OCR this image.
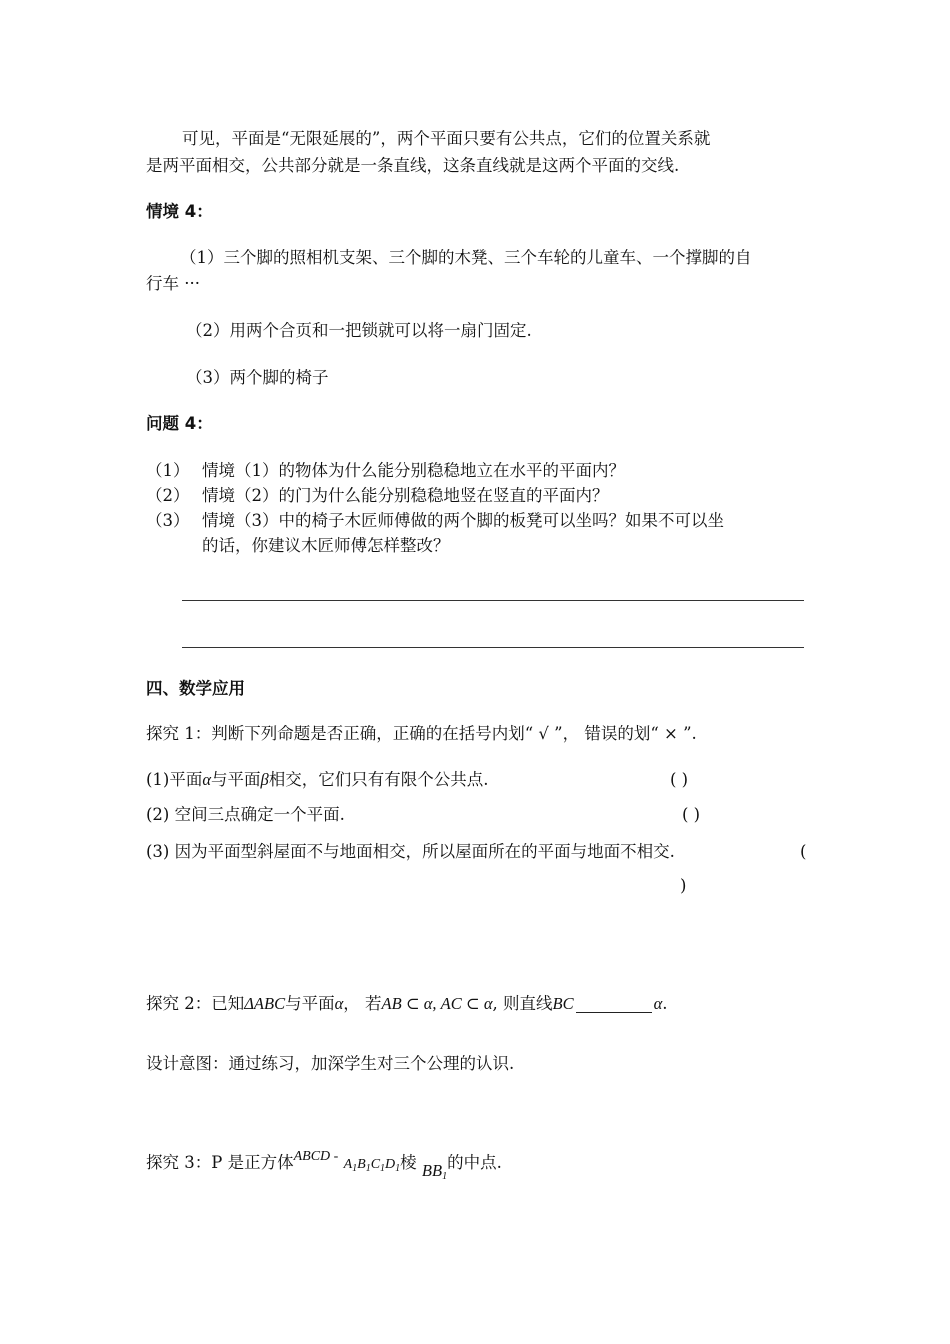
可见，平面是“无限延展的”，两个平面只要有公共点，它们的位置关系就
是两平面相交，公共部分就是一条直线，这条直线就是这两个平面的交线.
情境 4：
（1）三个脚的照相机支架、三个脚的木凳、三个车轮的儿童车、一个撑脚的自
行车 ···
（2）用两个合页和一把锁就可以将一扇门固定.
（3）两个脚的椅子
问题 4：
（1） 情境（1）的物体为什么能分别稳稳地立在水平的平面内？
（2） 情境（2）的门为什么能分别稳稳地竖在竖直的平面内？
（3） 情境（3）中的椅子木匠师傅做的两个脚的板凳可以坐吗？如果不可以坐
的话，你建议木匠师傅怎样整改？
四、数学应用
探究 1：判断下列命题是否正确，正确的在括号内划“ √ ”， 错误的划“ × ”.
(1)平面α与平面β相交，它们只有有限个公共点.	( )
(2) 空间三点确定一个平面.	( )
(3) 因为平面型斜屋面不与地面相交，所以屋面所在的平面与地面不相交.	(
)
探究 2：已知ΔABC与平面α， 若AB ⊂ α, AC ⊂ α, 则直线BC	α.
设计意图：通过练习，加深学生对三个公理的认识.
探究 3：P 是正方体$^{ABCD -}$ $A_1B_1C_1D_1$棱 $BB_1$的中点.
